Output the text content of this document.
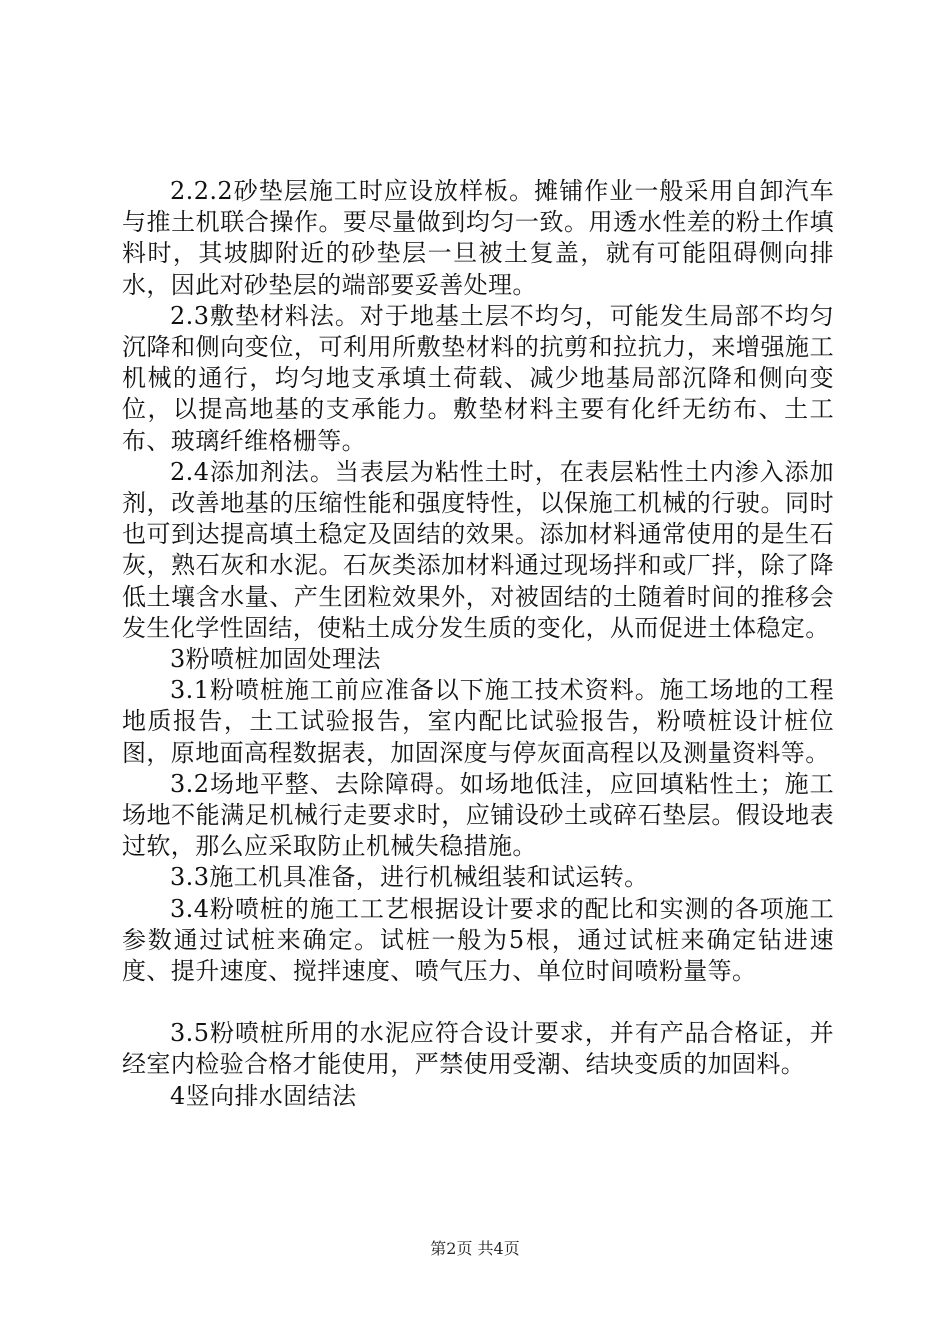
2.2.2砂垫层施工时应设放样板。摊铺作业一般采用自卸汽车与推土机联合操作。要尽量做到均匀一致。用透水性差的粉土作填料时，其坡脚附近的砂垫层一旦被土复盖，就有可能阻碍侧向排水，因此对砂垫层的端部要妥善处理。

2.3敷垫材料法。对于地基土层不均匀，可能发生局部不均匀沉降和侧向变位，可利用所敷垫材料的抗剪和拉抗力，来增强施工机械的通行，均匀地支承填土荷载、减少地基局部沉降和侧向变位，以提高地基的支承能力。敷垫材料主要有化纤无纺布、土工布、玻璃纤维格栅等。

2.4添加剂法。当表层为粘性土时，在表层粘性土内渗入添加剂，改善地基的压缩性能和强度特性，以保施工机械的行驶。同时也可到达提高填土稳定及固结的效果。添加材料通常使用的是生石灰，熟石灰和水泥。石灰类添加材料通过现场拌和或厂拌，除了降低土壤含水量、产生团粒效果外，对被固结的土随着时间的推移会发生化学性固结，使粘土成分发生质的变化，从而促进土体稳定。

3粉喷桩加固处理法

3.1粉喷桩施工前应准备以下施工技术资料。施工场地的工程地质报告，土工试验报告，室内配比试验报告，粉喷桩设计桩位图，原地面高程数据表，加固深度与停灰面高程以及测量资料等。

3.2场地平整、去除障碍。如场地低洼，应回填粘性土；施工场地不能满足机械行走要求时，应铺设砂土或碎石垫层。假设地表过软，那么应采取防止机械失稳措施。

3.3施工机具准备，进行机械组装和试运转。

3.4粉喷桩的施工工艺根据设计要求的配比和实测的各项施工参数通过试桩来确定。试桩一般为5根，通过试桩来确定钻进速度、提升速度、搅拌速度、喷气压力、单位时间喷粉量等。

3.5粉喷桩所用的水泥应符合设计要求，并有产品合格证，并经室内检验合格才能使用，严禁使用受潮、结块变质的加固料。

4竖向排水固结法

第2页 共4页
